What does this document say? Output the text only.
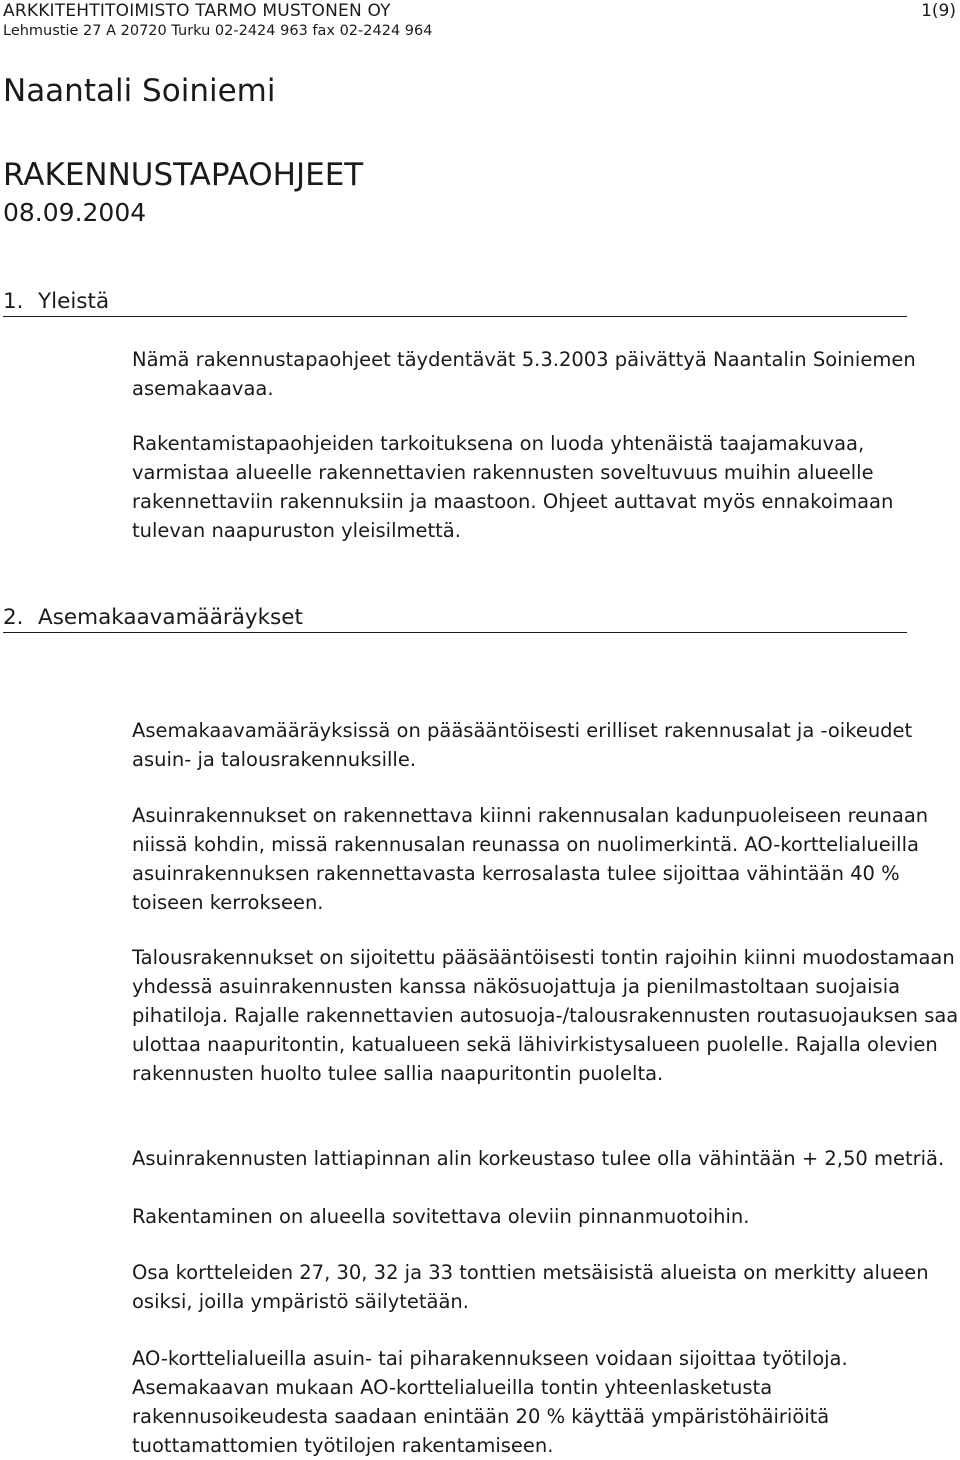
ARKKITEHTITOIMISTO TARMO MUSTONEN OY
Lehmustie 27 A 20720 Turku 02-2424 963 fax 02-2424 964
1(9)
Naantali Soiniemi
RAKENNUSTAPAOHJEET
08.09.2004
1. Yleistä

Nämä rakennustapaohjeet täydentävät 5.3.2003 päivättyä Naantalin Soiniemen asemakaavaa.

Rakentamistapaohjeiden tarkoituksena on luoda yhtenäistä taajamakuvaa, varmistaa alueelle rakennettavien rakennusten soveltuvuus muihin alueelle rakennettaviin rakennuksiin ja maastoon. Ohjeet auttavat myös ennakoimaan tulevan naapuruston yleisilmettä.

2. Asemakaavamääräykset

Asemakaavamääräyksissä on pääsääntöisesti erilliset rakennusalat ja -oikeudet asuin- ja talousrakennuksille.

Asuinrakennukset on rakennettava kiinni rakennusalan kadunpuoleiseen reunaan niissä kohdin, missä rakennusalan reunassa on nuolimerkintä. AO-korttelialueilla asuinrakennuksen rakennettavasta kerrosalasta tulee sijoittaa vähintään 40 % toiseen kerrokseen.

Talousrakennukset on sijoitettu pääsääntöisesti tontin rajoihin kiinni muodostamaan yhdessä asuinrakennusten kanssa näkösuojattuja ja pienilmastoltaan suojaisia pihatiloja. Rajalle rakennettavien autosuoja-/talousrakennusten routasuojauksen saa ulottaa naapuritontin, katualueen sekä lähivirkistysalueen puolelle. Rajalla olevien rakennusten huolto tulee sallia naapuritontin puolelta.

Asuinrakennusten lattiapinnan alin korkeustaso tulee olla vähintään + 2,50 metriä.

Rakentaminen on alueella sovitettava oleviin pinnanmuotoihin.

Osa kortteleiden 27, 30, 32 ja 33 tonttien metsäisistä alueista on merkitty alueen osiksi, joilla ympäristö säilytetään.

AO-korttelialueilla asuin- tai piharakennukseen voidaan sijoittaa työtiloja. Asemakaavan mukaan AO-korttelialueilla tontin yhteenlasketusta rakennusoikeudesta saadaan enintään 20 % käyttää ympäristöhäiriöitä tuottamattomien työtilojen rakentamiseen.
